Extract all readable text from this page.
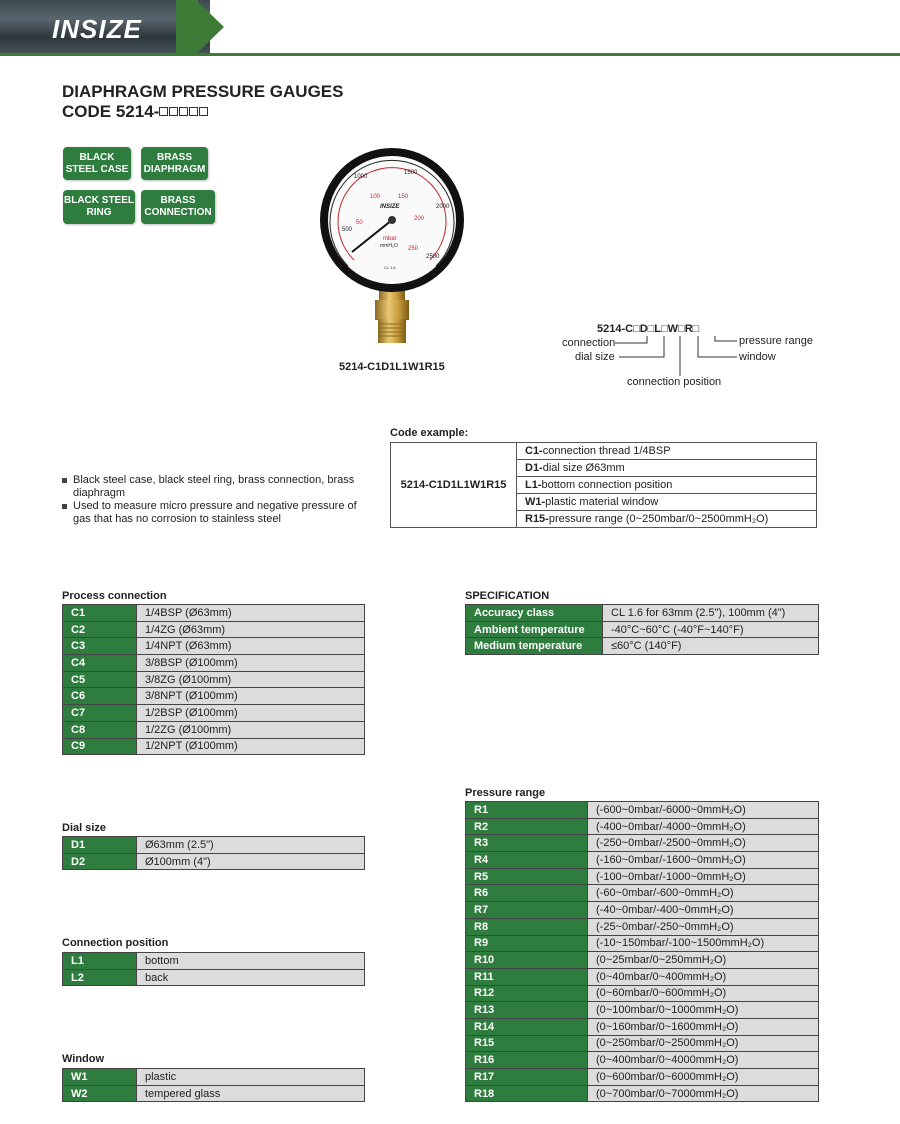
INSIZE
DIAPHRAGM PRESSURE GAUGES
CODE 5214-
BLACK STEEL CASE
BRASS DIAPHRAGM
BLACK STEEL RING
BRASS CONNECTION
500
1000
1500
2000
2500
50
100	150
200
250
INSIZE
mbar
mmH₂O
CL 1.6
5214-C1D1L1W1R15
5214-C□D□L□W□R□
connection
dial size
connection position
window
pressure range
Code example:
5214-C1D1L1W1R15	C1-connection thread 1/4BSP
D1-dial size Ø63mm
L1-bottom connection position
W1-plastic material window
R15-pressure range (0~250mbar/0~2500mmH₂O)
Black steel case, black steel ring, brass connection, brass diaphragm
Used to measure micro pressure and negative pressure of gas that has no corrosion to stainless steel
Process connection
C1	1/4BSP (Ø63mm)
C2	1/4ZG (Ø63mm)
C3	1/4NPT (Ø63mm)
C4	3/8BSP (Ø100mm)
C5	3/8ZG (Ø100mm)
C6	3/8NPT (Ø100mm)
C7	1/2BSP (Ø100mm)
C8	1/2ZG (Ø100mm)
C9	1/2NPT (Ø100mm)
Dial size
D1	Ø63mm (2.5")
D2	Ø100mm (4")
Connection position
L1	bottom
L2	back
Window
W1	plastic
W2	tempered glass
SPECIFICATION
Accuracy class	CL 1.6 for 63mm (2.5"), 100mm (4")
Ambient temperature	-40°C~60°C (-40°F~140°F)
Medium temperature	≤60°C (140°F)
Pressure range
R1	(-600~0mbar/-6000~0mmH₂O)
R2	(-400~0mbar/-4000~0mmH₂O)
R3	(-250~0mbar/-2500~0mmH₂O)
R4	(-160~0mbar/-1600~0mmH₂O)
R5	(-100~0mbar/-1000~0mmH₂O)
R6	(-60~0mbar/-600~0mmH₂O)
R7	(-40~0mbar/-400~0mmH₂O)
R8	(-25~0mbar/-250~0mmH₂O)
R9	(-10~150mbar/-100~1500mmH₂O)
R10	(0~25mbar/0~250mmH₂O)
R11	(0~40mbar/0~400mmH₂O)
R12	(0~60mbar/0~600mmH₂O)
R13	(0~100mbar/0~1000mmH₂O)
R14	(0~160mbar/0~1600mmH₂O)
R15	(0~250mbar/0~2500mmH₂O)
R16	(0~400mbar/0~4000mmH₂O)
R17	(0~600mbar/0~6000mmH₂O)
R18	(0~700mbar/0~7000mmH₂O)
